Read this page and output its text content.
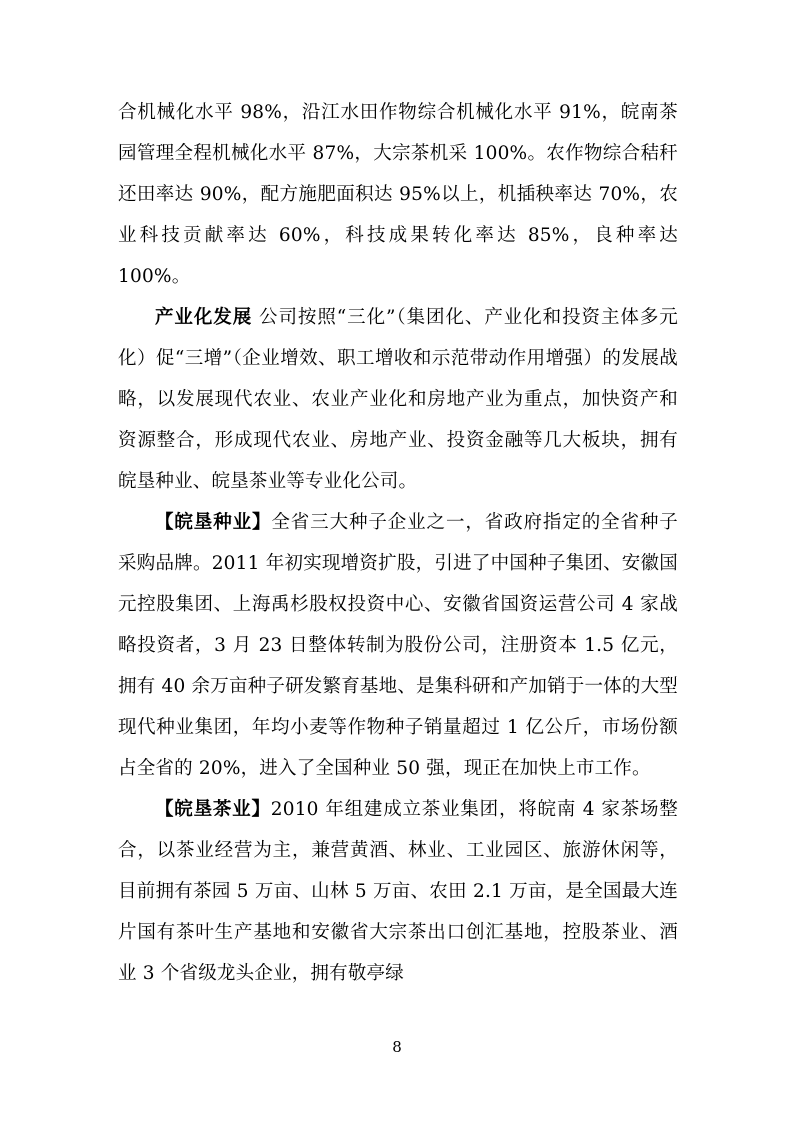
合机械化水平 98%，沿江水田作物综合机械化水平 91%，皖南茶园管理全程机械化水平 87%，大宗茶机采 100%。农作物综合秸秆还田率达 90%，配方施肥面积达 95%以上，机插秧率达 70%，农业科技贡献率达 60%，科技成果转化率达 85%，良种率达 100%。

产业化发展 公司按照“三化”（集团化、产业化和投资主体多元化）促“三增”（企业增效、职工增收和示范带动作用增强）的发展战略，以发展现代农业、农业产业化和房地产业为重点，加快资产和资源整合，形成现代农业、房地产业、投资金融等几大板块，拥有皖垦种业、皖垦茶业等专业化公司。

【皖垦种业】全省三大种子企业之一，省政府指定的全省种子采购品牌。2011 年初实现增资扩股，引进了中国种子集团、安徽国元控股集团、上海禹杉股权投资中心、安徽省国资运营公司 4 家战略投资者，3 月 23 日整体转制为股份公司，注册资本 1.5 亿元，拥有 40 余万亩种子研发繁育基地、是集科研和产加销于一体的大型现代种业集团，年均小麦等作物种子销量超过 1 亿公斤，市场份额占全省的 20%，进入了全国种业 50 强，现正在加快上市工作。

【皖垦茶业】2010 年组建成立茶业集团，将皖南 4 家茶场整合，以茶业经营为主，兼营黄酒、林业、工业园区、旅游休闲等，目前拥有茶园 5 万亩、山林 5 万亩、农田 2.1 万亩，是全国最大连片国有茶叶生产基地和安徽省大宗茶出口创汇基地，控股茶业、酒业 3 个省级龙头企业，拥有敬亭绿

8
